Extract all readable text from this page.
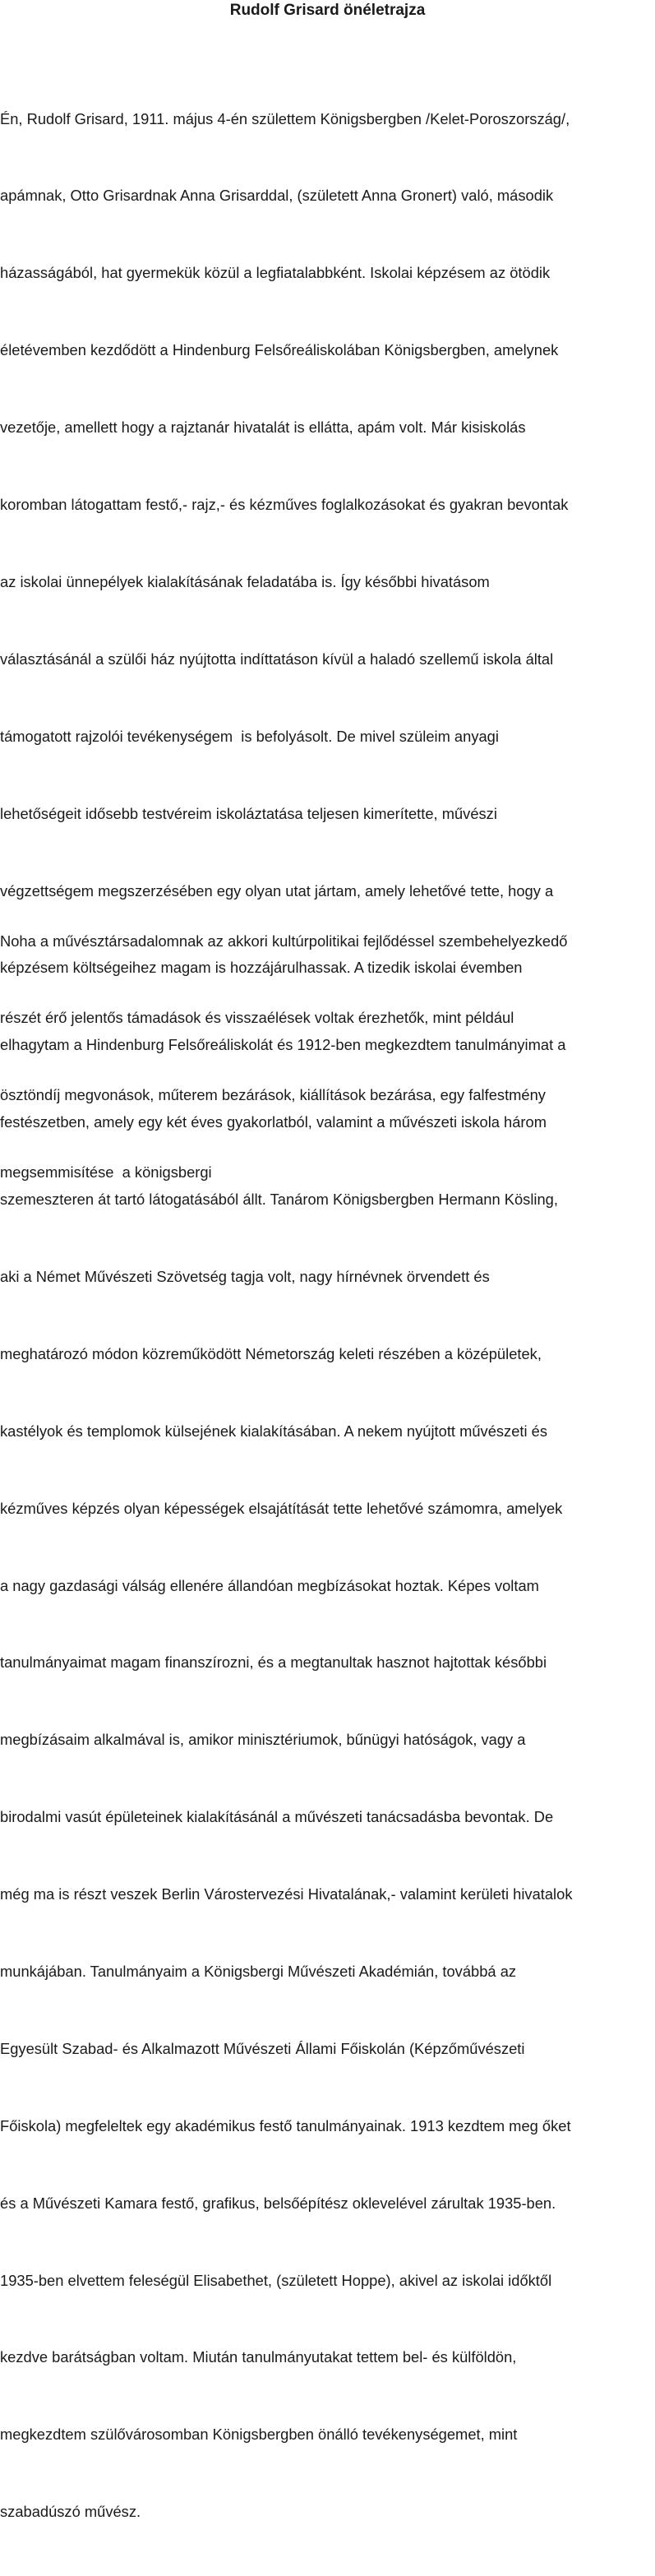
Rudolf Grisard önéletrajza

Én, Rudolf Grisard, 1911. május 4-én születtem Königsbergben /Kelet-Poroszország/,

apámnak, Otto Grisardnak Anna Grisarddal, (született Anna Gronert) való, második

házasságából, hat gyermekük közül a legfiatalabbként. Iskolai képzésem az ötödik

életévemben kezdődött a Hindenburg Felsőreáliskolában Königsbergben, amelynek

vezetője, amellett hogy a rajztanár hivatalát is ellátta, apám volt. Már kisiskolás

koromban látogattam festő,- rajz,- és kézműves foglalkozásokat és gyakran bevontak

az iskolai ünnepélyek kialakításának feladatába is. Így későbbi hivatásom

választásánál a szülői ház nyújtotta indíttatáson kívül a haladó szellemű iskola által

támogatott rajzolói tevékenységem  is befolyásolt. De mivel szüleim anyagi

lehetőségeit idősebb testvéreim iskoláztatása teljesen kimerítette, művészi

végzettségem megszerzésében egy olyan utat jártam, amely lehetővé tette, hogy a

képzésem költségeihez magam is hozzájárulhassak. A tizedik iskolai évemben

elhagytam a Hindenburg Felsőreáliskolát és 1912-ben megkezdtem tanulmányimat a

festészetben, amely egy két éves gyakorlatból, valamint a művészeti iskola három

szemeszteren át tartó látogatásából állt. Tanárom Königsbergben Hermann Kösling,

aki a Német Művészeti Szövetség tagja volt, nagy hírnévnek örvendett és

meghatározó módon közreműködött Németország keleti részében a középületek,

kastélyok és templomok külsejének kialakításában. A nekem nyújtott művészeti és

kézműves képzés olyan képességek elsajátítását tette lehetővé számomra, amelyek

a nagy gazdasági válság ellenére állandóan megbízásokat hoztak. Képes voltam

tanulmányaimat magam finanszírozni, és a megtanultak hasznot hajtottak későbbi

megbízásaim alkalmával is, amikor minisztériumok, bűnügyi hatóságok, vagy a

birodalmi vasút épületeinek kialakításánál a művészeti tanácsadásba bevontak. De

még ma is részt veszek Berlin Várostervezési Hivatalának,- valamint kerületi hivatalok

munkájában. Tanulmányaim a Königsbergi Művészeti Akadémián, továbbá az

Egyesült Szabad- és Alkalmazott Művészeti Állami Főiskolán (Képzőművészeti

Főiskola) megfeleltek egy akadémikus festő tanulmányainak. 1913 kezdtem meg őket

és a Művészeti Kamara festő, grafikus, belsőépítész oklevelével zárultak 1935-ben.

1935-ben elvettem feleségül Elisabethet, (született Hoppe), akivel az iskolai időktől

kezdve barátságban voltam. Miután tanulmányutakat tettem bel- és külföldön,

megkezdtem szülővárosomban Königsbergben önálló tevékenységemet, mint

szabadúszó művész.

Noha a művésztársadalomnak az akkori kultúrpolitikai fejlődéssel szembehelyezkedő

részét érő jelentős támadások és visszaélések voltak érezhetők, mint például

ösztöndíj megvonások, műterem bezárások, kiállítások bezárása, egy falfestmény

megsemmisítése  a königsbergi
